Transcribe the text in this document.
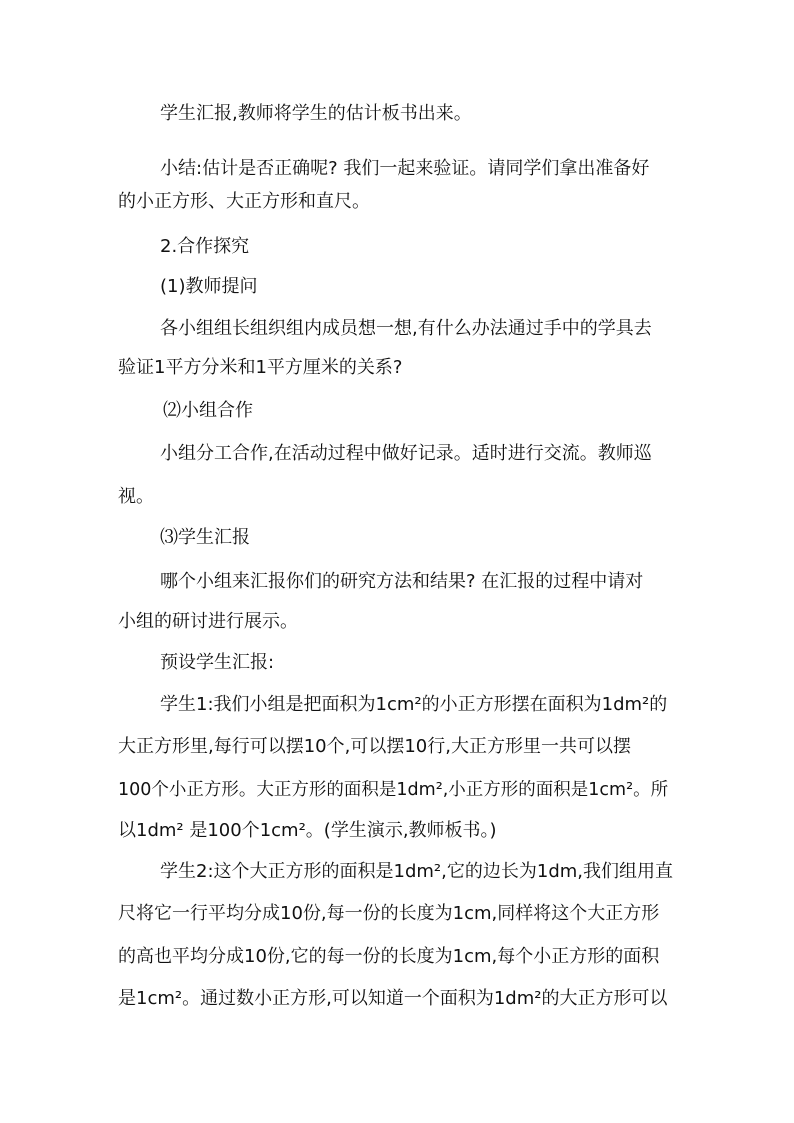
学生汇报,教师将学生的估计板书出来。
小结:估计是否正确呢? 我们一起来验证。请同学们拿出准备好
的小正方形、大正方形和直尺。
2.合作探究
(1)教师提问
各小组组长组织组内成员想一想,有什么办法通过手中的学具去
验证1平方分米和1平方厘米的关系?
⑵小组合作
小组分工合作,在活动过程中做好记录。适时进行交流。教师巡
视。
⑶学生汇报
哪个小组来汇报你们的研究方法和结果? 在汇报的过程中请对
小组的研讨进行展示。
预设学生汇报:
学生1:我们小组是把面积为1cm²的小正方形摆在面积为1dm²的
大正方形里,每行可以摆10个,可以摆10行,大正方形里一共可以摆
100个小正方形。大正方形的面积是1dm²,小正方形的面积是1cm²。所
以1dm² 是100个1cm²。(学生演示,教师板书。)
学生2:这个大正方形的面积是1dm²,它的边长为1dm,我们组用直
尺将它一行平均分成10份,每一份的长度为1cm,同样将这个大正方形
的高也平均分成10份,它的每一份的长度为1cm,每个小正方形的面积
是1cm²。通过数小正方形,可以知道一个面积为1dm²的大正方形可以
